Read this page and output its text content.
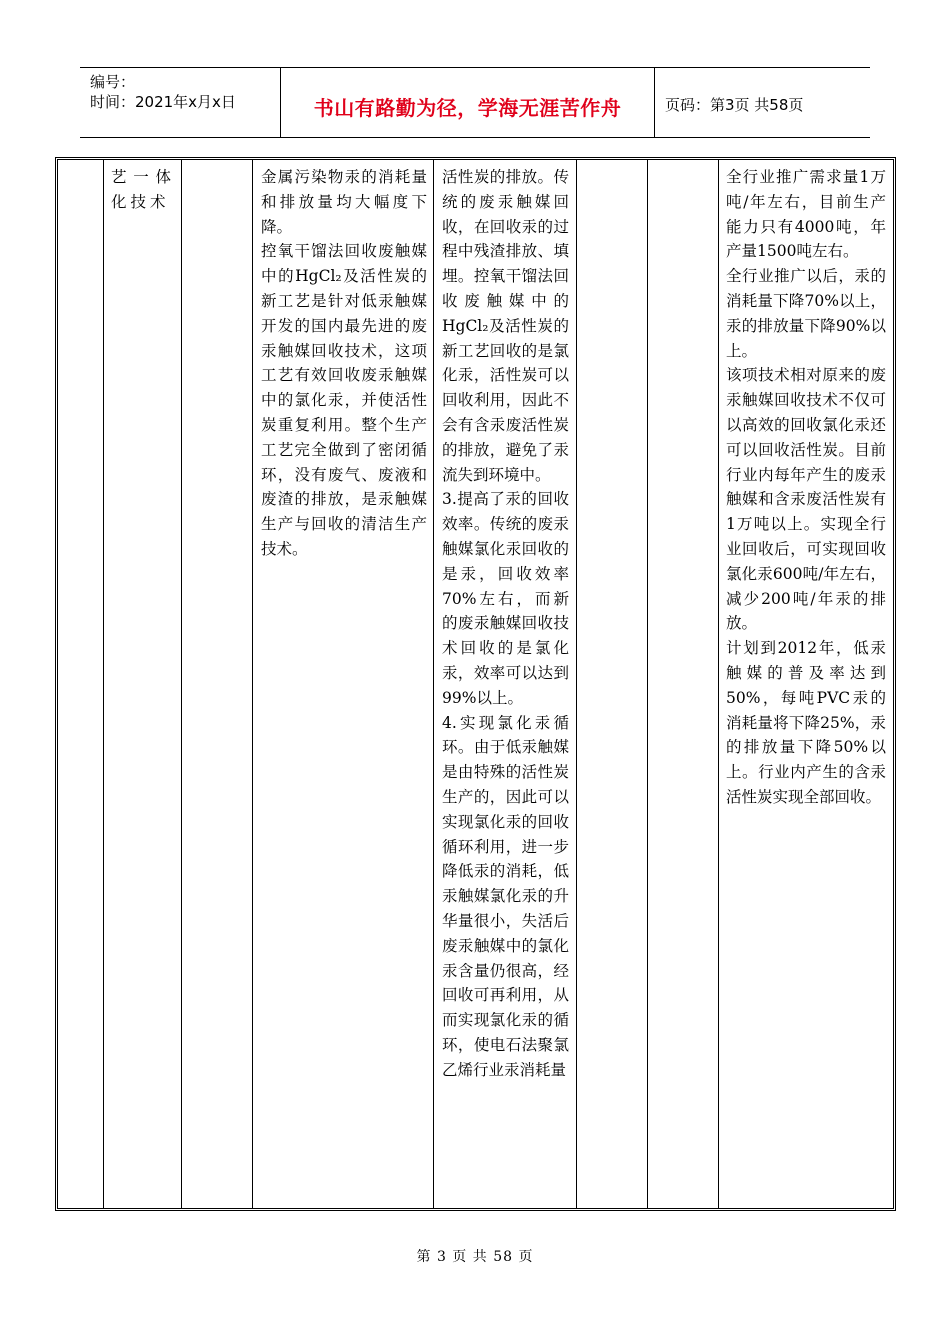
编号：
时间：2021年x月x日	书山有路勤为径，学海无涯苦作舟	页码：第3页 共58页
艺一体化技术

金属污染物汞的消耗量和排放量均大幅度下降。

控氧干馏法回收废触媒中的HgCl₂及活性炭的新工艺是针对低汞触媒开发的国内最先进的废汞触媒回收技术，这项工艺有效回收废汞触媒中的氯化汞，并使活性炭重复利用。整个生产工艺完全做到了密闭循环，没有废气、废液和废渣的排放，是汞触媒生产与回收的清洁生产技术。

活性炭的排放。传统的废汞触媒回收，在回收汞的过程中残渣排放、填埋。控氧干馏法回收废触媒中的HgCl₂及活性炭的新工艺回收的是氯化汞，活性炭可以回收利用，因此不会有含汞废活性炭的排放，避免了汞流失到环境中。

3.提高了汞的回收效率。传统的废汞触媒氯化汞回收的是汞，回收效率70%左右，而新的废汞触媒回收技术回收的是氯化汞，效率可以达到99%以上。

4.实现氯化汞循环。由于低汞触媒是由特殊的活性炭生产的，因此可以实现氯化汞的回收循环利用，进一步降低汞的消耗，低汞触媒氯化汞的升华量很小，失活后废汞触媒中的氯化汞含量仍很高，经回收可再利用，从而实现氯化汞的循环，使电石法聚氯乙烯行业汞消耗量

全行业推广需求量1万吨/年左右，目前生产能力只有4000吨，年产量1500吨左右。

全行业推广以后，汞的消耗量下降70%以上，汞的排放量下降90%以上。

该项技术相对原来的废汞触媒回收技术不仅可以高效的回收氯化汞还可以回收活性炭。目前行业内每年产生的废汞触媒和含汞废活性炭有1万吨以上。实现全行业回收后，可实现回收氯化汞600吨/年左右，减少200吨/年汞的排放。

计划到2012年，低汞触媒的普及率达到50%，每吨PVC汞的消耗量将下降25%，汞的排放量下降50%以上。行业内产生的含汞活性炭实现全部回收。

第 3 页 共 58 页
